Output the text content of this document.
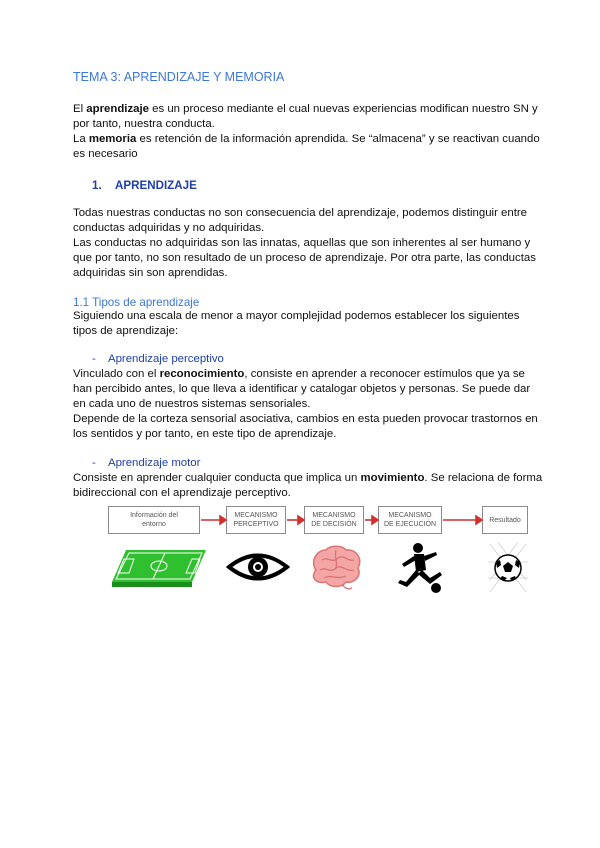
TEMA 3: APRENDIZAJE Y MEMORIA

El aprendizaje es un proceso mediante el cual nuevas experiencias modifican nuestro SN y por tanto, nuestra conducta.

La memoria es retención de la información aprendida. Se “almacena” y se reactivan cuando es necesario

1. APRENDIZAJE

Todas nuestras conductas no son consecuencia del aprendizaje, podemos distinguir entre conductas adquiridas y no adquiridas.

Las conductas no adquiridas son las innatas, aquellas que son inherentes al ser humano y que por tanto, no son resultado de un proceso de aprendizaje. Por otra parte, las conductas adquiridas sin son aprendidas.

1.1 Tipos de aprendizaje

Siguiendo una escala de menor a mayor complejidad podemos establecer los siguientes tipos de aprendizaje:

- Aprendizaje perceptivo

Vinculado con el reconocimiento, consiste en aprender a reconocer estímulos que ya se han percibido antes, lo que lleva a identificar y catalogar objetos y personas. Se puede dar en cada uno de nuestros sistemas sensoriales.

Depende de la corteza sensorial asociativa, cambios en esta pueden provocar trastornos en los sentidos y por tanto, en este tipo de aprendizaje.

- Aprendizaje motor

Consiste en aprender cualquier conducta que implica un movimiento. Se relaciona de forma bidireccional con el aprendizaje perceptivo.

Información del
entorno
MECANISMO
PERCEPTIVO
MECANISMO
DE DECISIÓN
MECANISMO
DE EJECUCIÓN
Resultado
